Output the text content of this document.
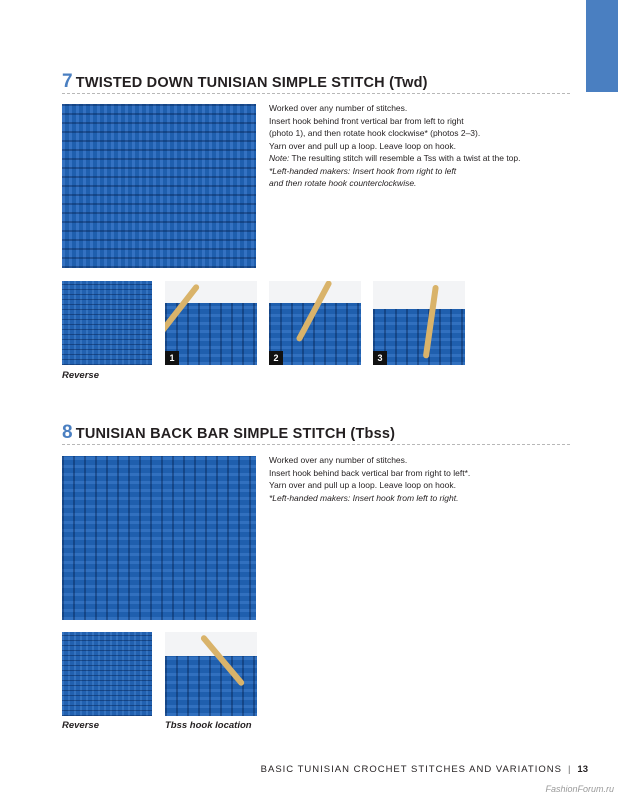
7 TWISTED DOWN TUNISIAN SIMPLE STITCH (Twd)

Worked over any number of stitches.

Insert hook behind front vertical bar from left to right

(photo 1), and then rotate hook clockwise* (photos 2–3).

Yarn over and pull up a loop. Leave loop on hook.

Note: The resulting stitch will resemble a Tss with a twist at the top.

*Left-handed makers: Insert hook from right to left

and then rotate hook counterclockwise.

Reverse
1	2	3
8 TUNISIAN BACK BAR SIMPLE STITCH (Tbss)

Worked over any number of stitches.

Insert hook behind back vertical bar from right to left*.

Yarn over and pull up a loop. Leave loop on hook.

*Left-handed makers: Insert hook from left to right.

Reverse	Tbss hook location
BASIC TUNISIAN CROCHET STITCHES AND VARIATIONS | 13
FashionForum.ru
